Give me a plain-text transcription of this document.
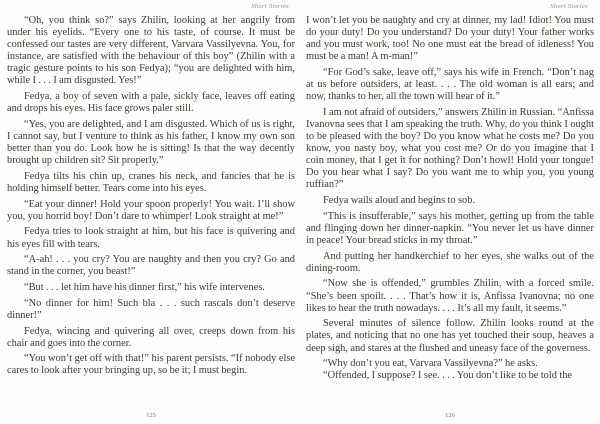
Short Stories

“Oh, you think so?” says Zhilin, looking at her angrily from under his eyelids. “Every one to his taste, of course. It must be confessed our tastes are very different, Varvara Vassilyevna. You, for instance, are satisfied with the behaviour of this boy” (Zhilin with a tragic gesture points to his son Fedya); “you are delighted with him, while I . . . I am disgusted. Yes!”

Fedya, a boy of seven with a pale, sickly face, leaves off eating and drops his eyes. His face grows paler still.

“Yes, you are delighted, and I am disgusted. Which of us is right, I cannot say, but I venture to think as his father, I know my own son better than you do. Look how he is sitting! Is that the way decently brought up children sit? Sit properly.”

Fedya tilts his chin up, cranes his neck, and fancies that he is holding himself better. Tears come into his eyes.

“Eat your dinner! Hold your spoon properly! You wait. I’ll show you, you horrid boy! Don’t dare to whimper! Look straight at me!”

Fedya tries to look straight at him, but his face is quivering and his eyes fill with tears.

“A-ah! . . . you cry? You are naughty and then you cry? Go and stand in the corner, you beast!”

“But . . . let him have his dinner first,” his wife intervenes.

“No dinner for him! Such bla . . . such rascals don’t deserve dinner!”

Fedya, wincing and quivering all over, creeps down from his chair and goes into the corner.

“You won’t get off with that!” his parent persists. “If nobody else cares to look after your bringing up, so be it; I must begin.

125
Short Stories

I won’t let you be naughty and cry at dinner, my lad! Idiot! You must do your duty! Do you understand? Do your duty! Your father works and you must work, too! No one must eat the bread of idleness! You must be a man! A m-man!”

“For God’s sake, leave off,” says his wife in French. “Don’t nag at us before outsiders, at least. . . . The old woman is all ears; and now, thanks to her, all the town will hear of it.”

I am not afraid of outsiders,” answers Zhilin in Russian. “Anfissa Ivanovna sees that I am speaking the truth. Why, do you think I ought to be pleased with the boy? Do you know what he costs me? Do you know, you nasty boy, what you cost me? Or do you imagine that I coin money, that I get it for nothing? Don’t howl! Hold your tongue! Do you hear what I say? Do you want me to whip you, you young ruffian?”

Fedya wails aloud and begins to sob.

“This is insufferable,” says his mother, getting up from the table and flinging down her dinner-napkin. “You never let us have dinner in peace! Your bread sticks in my throat.”

And putting her handkerchief to her eyes, she walks out of the dining-room.

“Now she is offended,” grumbles Zhilin, with a forced smile. “She’s been spoilt. . . . That’s how it is, Anfissa Ivanovna; no one likes to hear the truth nowadays. . . . It’s all my fault, it seems.”

Several minutes of silence follow. Zhilin looks round at the plates, and noticing that no one has yet touched their soup, heaves a deep sigh, and stares at the flushed and uneasy face of the governess.

“Why don’t you eat, Varvara Vassilyevna?” he asks.

“Offended, I suppose? I see. . . . You don’t like to be told the

126
